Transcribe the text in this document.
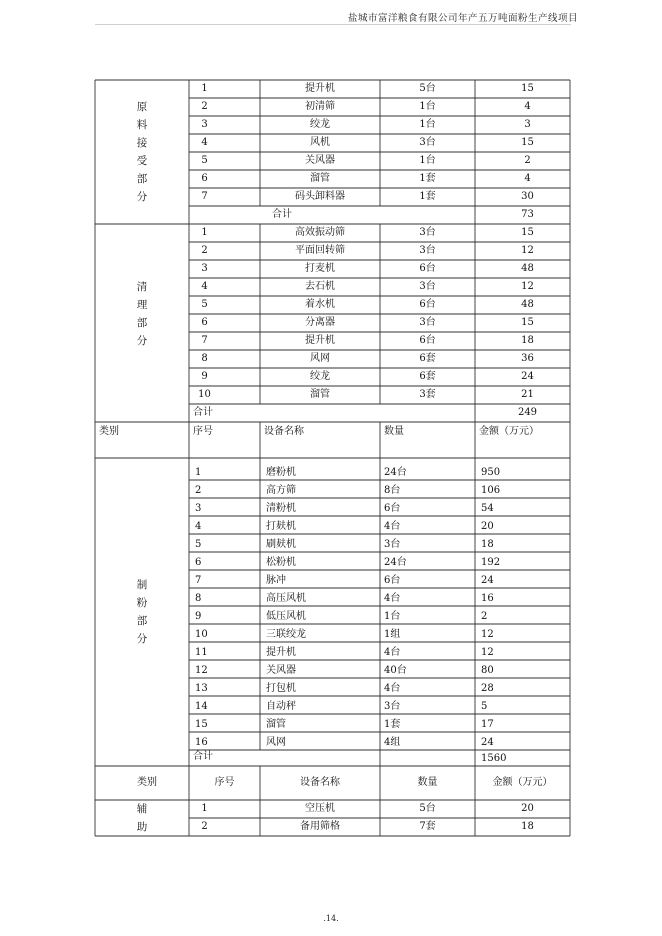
盐城市富洋粮食有限公司年产五万吨面粉生产线项目
1	提升机	5台	15
2	初清筛	1台	4
3	绞龙	1台	3
4	风机	3台	15
5	关风器	1台	2
6	溜管	1套	4
7	码头卸料器	1套	30
合计	73
原
料
接
受
部
分
1	高效振动筛	3台	15
2	平面回转筛	3台	12
3	打麦机	6台	48
4	去石机	3台	12
5	着水机	6台	48
6	分离器	3台	15
7	提升机	6台	18
8	风网	6套	36
9	绞龙	6套	24
10	溜管	3套	21
合计	249
清
理
部
分
类别	序号	设备名称	数量	金额（万元）
1	磨粉机	24台	950
2	高方筛	8台	106
3	清粉机	6台	54
4	打麸机	4台	20
5	刷麸机	3台	18
6	松粉机	24台	192
7	脉冲	6台	24
8	高压风机	4台	16
9	低压风机	1台	2
10	三联绞龙	1组	12
11	提升机	4台	12
12	关风器	40台	80
13	打包机	4台	28
14	自动秤	3台	5
15	溜管	1套	17
16	风网	4组	24
合计	1560
制
粉
部
分
类别	序号	设备名称	数量	金额（万元）
1	空压机	5台	20
2	备用筛格	7套	18
辅
助
.14.
